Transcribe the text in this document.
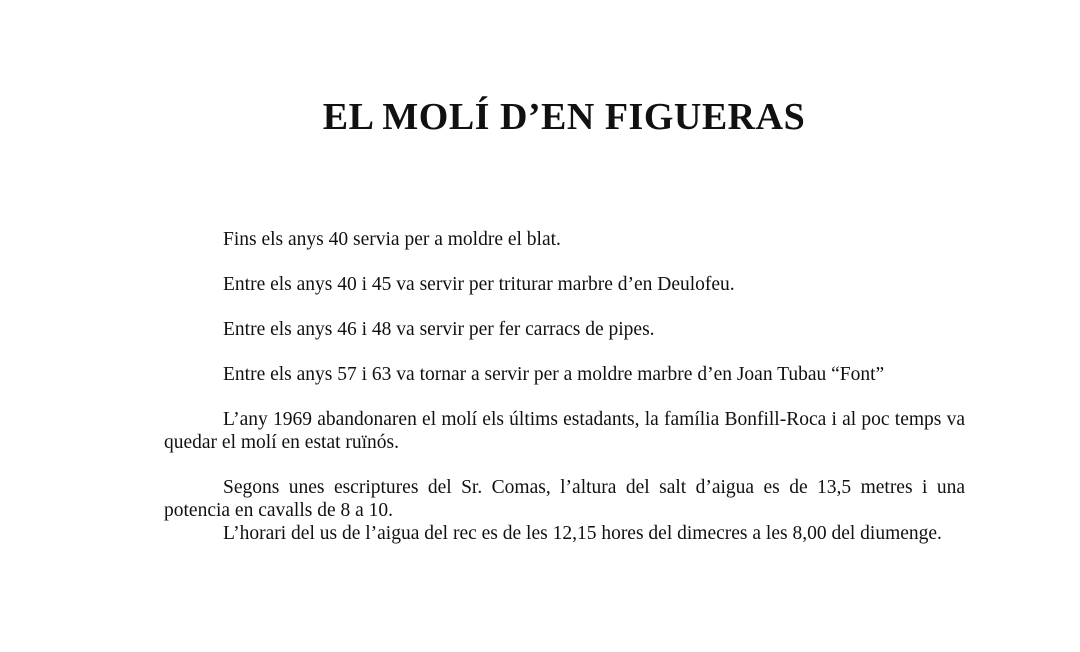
EL MOLÍ D’EN FIGUERAS

Fins els anys 40 servia per a moldre el blat.

Entre els anys 40 i 45 va servir per triturar marbre d’en Deulofeu.

Entre els anys 46 i 48 va servir per fer carracs de pipes.

Entre els anys 57 i 63 va tornar a servir per a moldre marbre d’en Joan Tubau “Font”

L’any 1969 abandonaren el molí els últims estadants, la família Bonfill-Roca i al poc temps va quedar el molí en estat ruïnós.

Segons unes escriptures del Sr. Comas, l’altura del salt d’aigua es de 13,5 metres i una potencia en cavalls de 8 a 10.

L’horari del us de l’aigua del rec es de les 12,15 hores del dimecres a les 8,00 del diumenge.
